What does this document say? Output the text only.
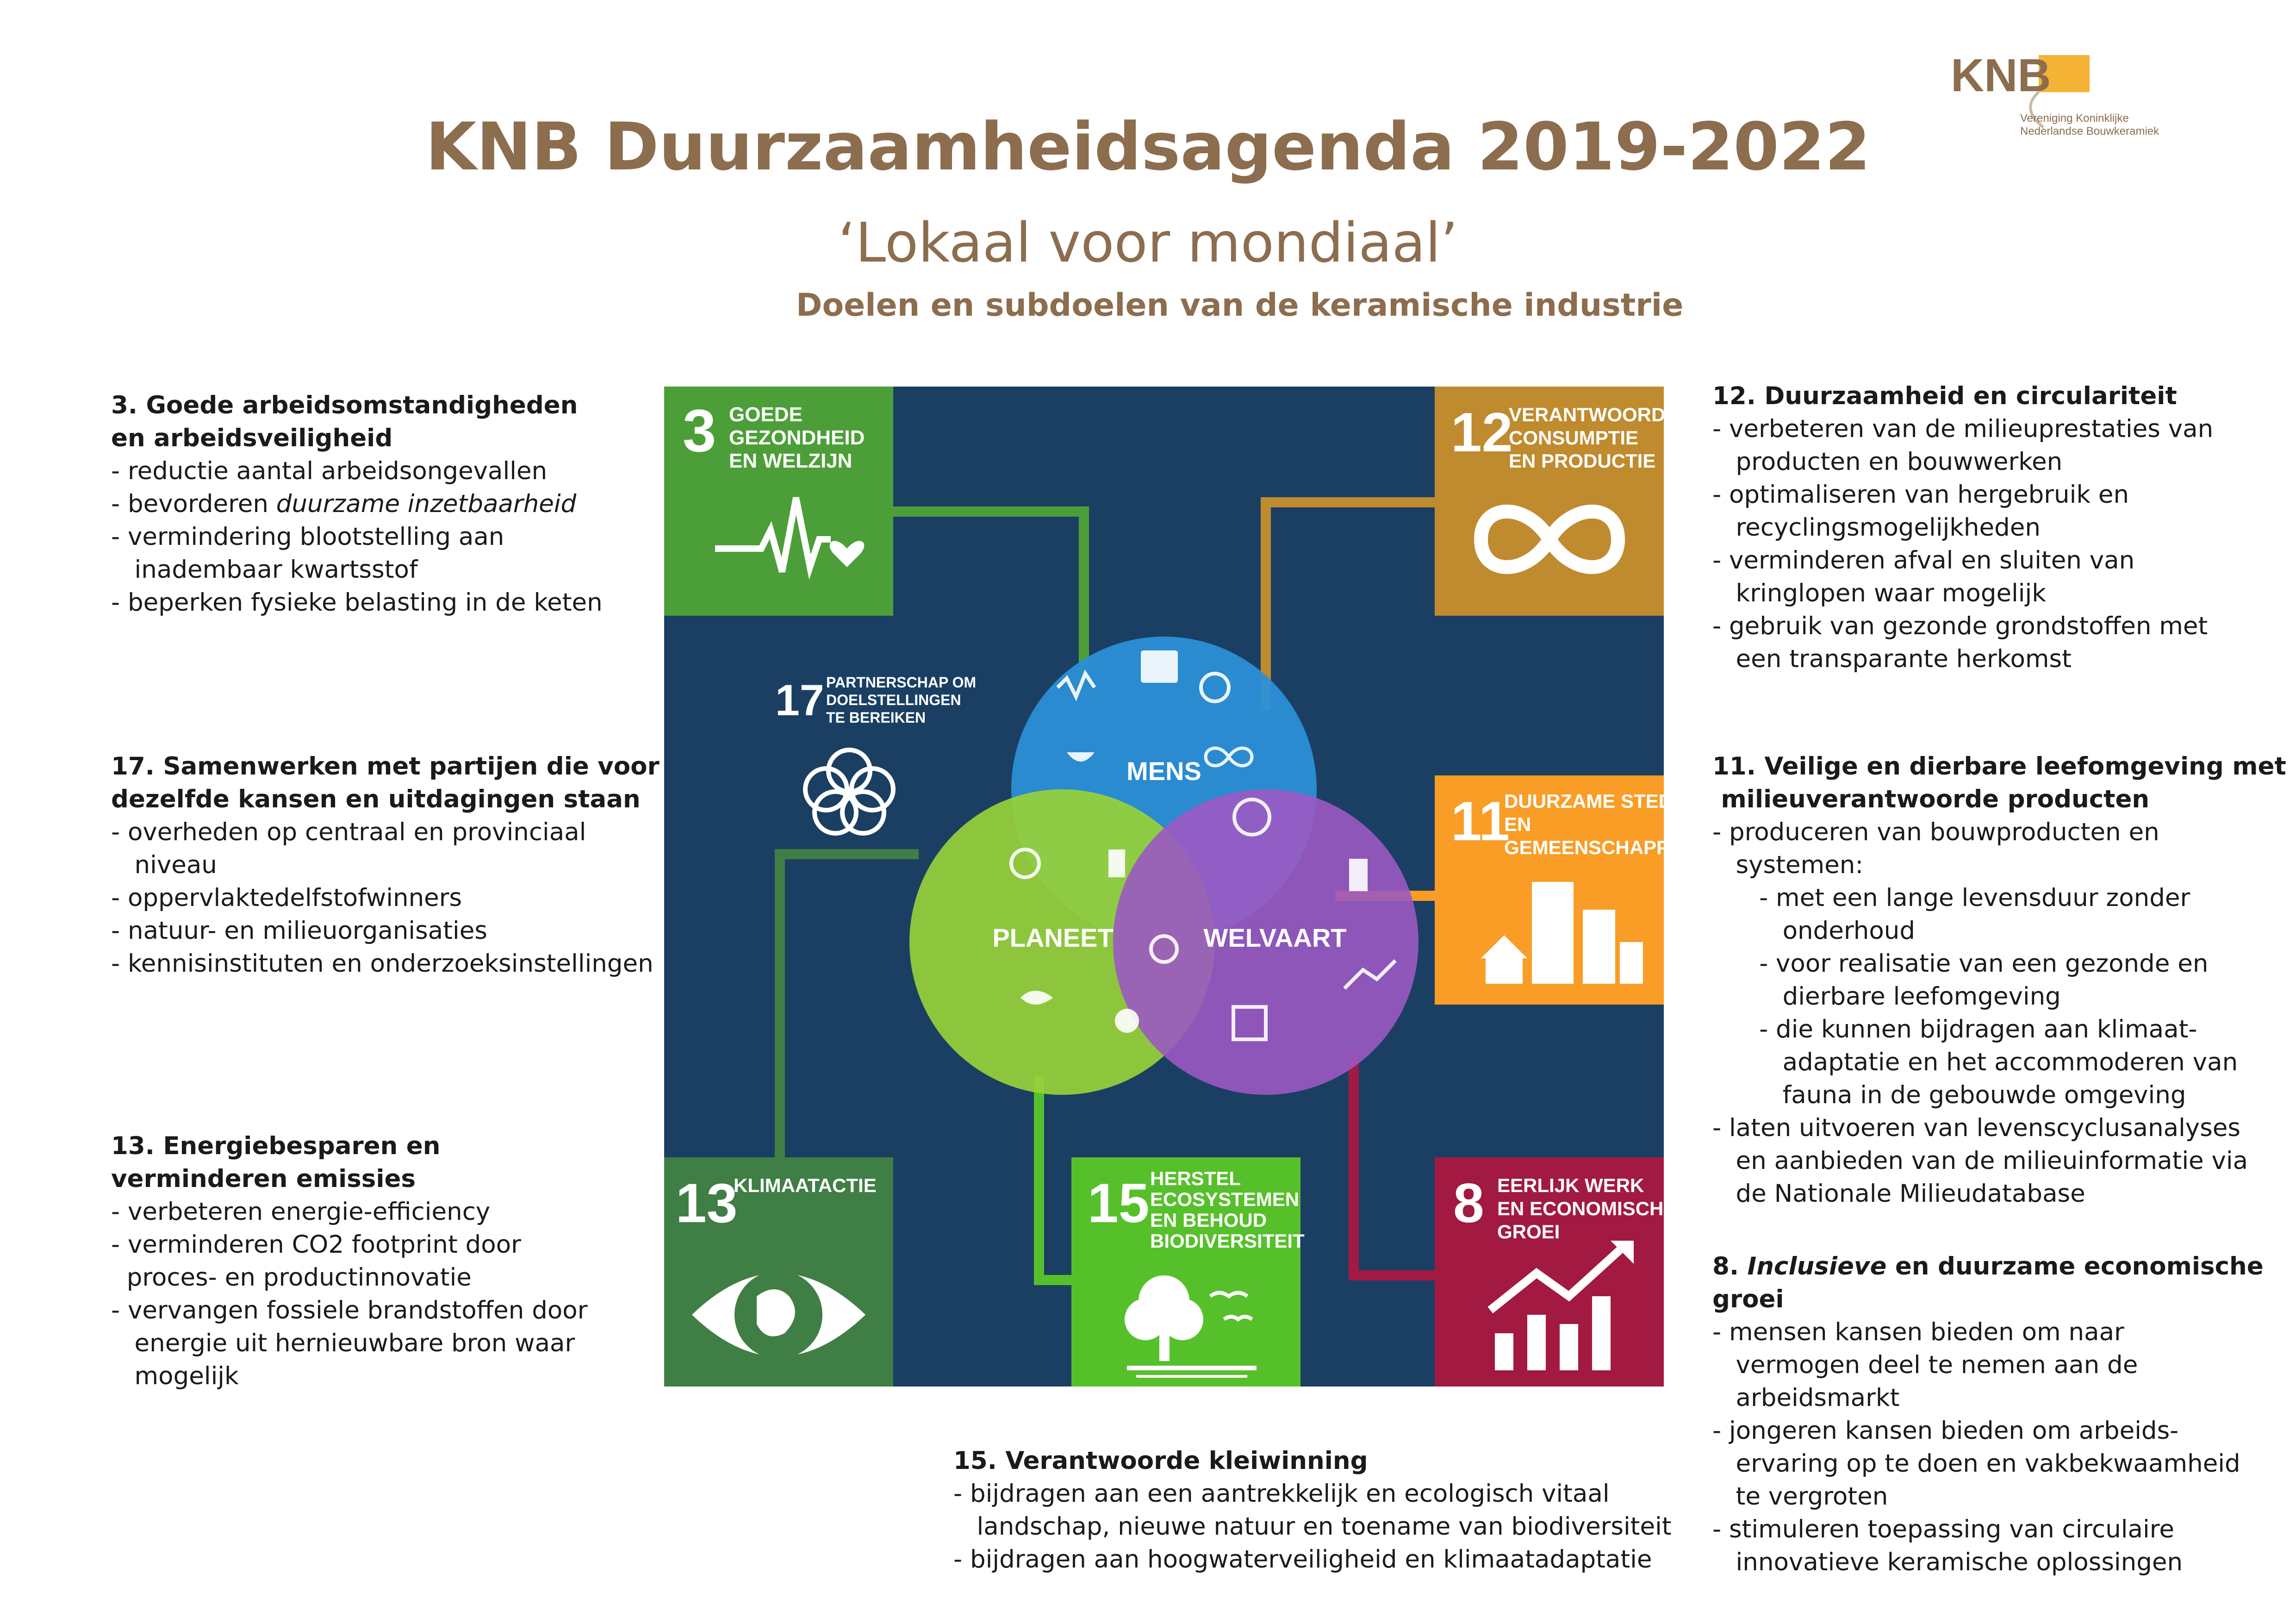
KNB Duurzaamheidsagenda 2019-2022
‘Lokaal voor mondiaal’
Doelen en subdoelen van de keramische industrie
KNB
Vereniging Koninklijke
Nederlandse Bouwkeramiek
3 GOEDE
GEZONDHEID
EN WELZIJN	12
VERANTWOORDE
CONSUMPTIE
EN PRODUCTIE
11
DUURZAME STEDEN
EN
GEMEENSCHAPPEN
8 EERLIJK WERK
EN ECONOMISCHE
GROEI
13
KLIMAATACTIE	15 HERSTEL
ECOSYSTEMEN
EN BEHOUD
BIODIVERSITEIT
17 PARTNERSCHAP OM
DOELSTELLINGEN
TE BEREIKEN
MENS
PLANEET	WELVAART
3. Goede arbeidsomstandigheden
en arbeidsveiligheid
- reductie aantal arbeidsongevallen
- bevorderen duurzame inzetbaarheid
- vermindering blootstelling aan
inadembaar kwartsstof
- beperken fysieke belasting in de keten
17. Samenwerken met partijen die voor
dezelfde kansen en uitdagingen staan
- overheden op centraal en provinciaal
niveau
- oppervlaktedelfstofwinners
- natuur- en milieuorganisaties
- kennisinstituten en onderzoeksinstellingen
13. Energiebesparen en
verminderen emissies
- verbeteren energie-efficiency
- verminderen CO2 footprint door
proces- en productinnovatie
- vervangen fossiele brandstoffen door
energie uit hernieuwbare bron waar
mogelijk
15. Verantwoorde kleiwinning
- bijdragen aan een aantrekkelijk en ecologisch vitaal
landschap, nieuwe natuur en toename van biodiversiteit
- bijdragen aan hoogwaterveiligheid en klimaatadaptatie
12. Duurzaamheid en circulariteit
- verbeteren van de milieuprestaties van
producten en bouwwerken
- optimaliseren van hergebruik en
recyclingsmogelijkheden
- verminderen afval en sluiten van
kringlopen waar mogelijk
- gebruik van gezonde grondstoffen met
een transparante herkomst
11. Veilige en dierbare leefomgeving met
milieuverantwoorde producten
- produceren van bouwproducten en
systemen:
- met een lange levensduur zonder
onderhoud
- voor realisatie van een gezonde en
dierbare leefomgeving
- die kunnen bijdragen aan klimaat-
adaptatie en het accommoderen van
fauna in de gebouwde omgeving
- laten uitvoeren van levenscyclusanalyses
en aanbieden van de milieuinformatie via
de Nationale Milieudatabase
8. Inclusieve en duurzame economische
groei
- mensen kansen bieden om naar
vermogen deel te nemen aan de
arbeidsmarkt
- jongeren kansen bieden om arbeids-
ervaring op te doen en vakbekwaamheid
te vergroten
- stimuleren toepassing van circulaire
innovatieve keramische oplossingen
